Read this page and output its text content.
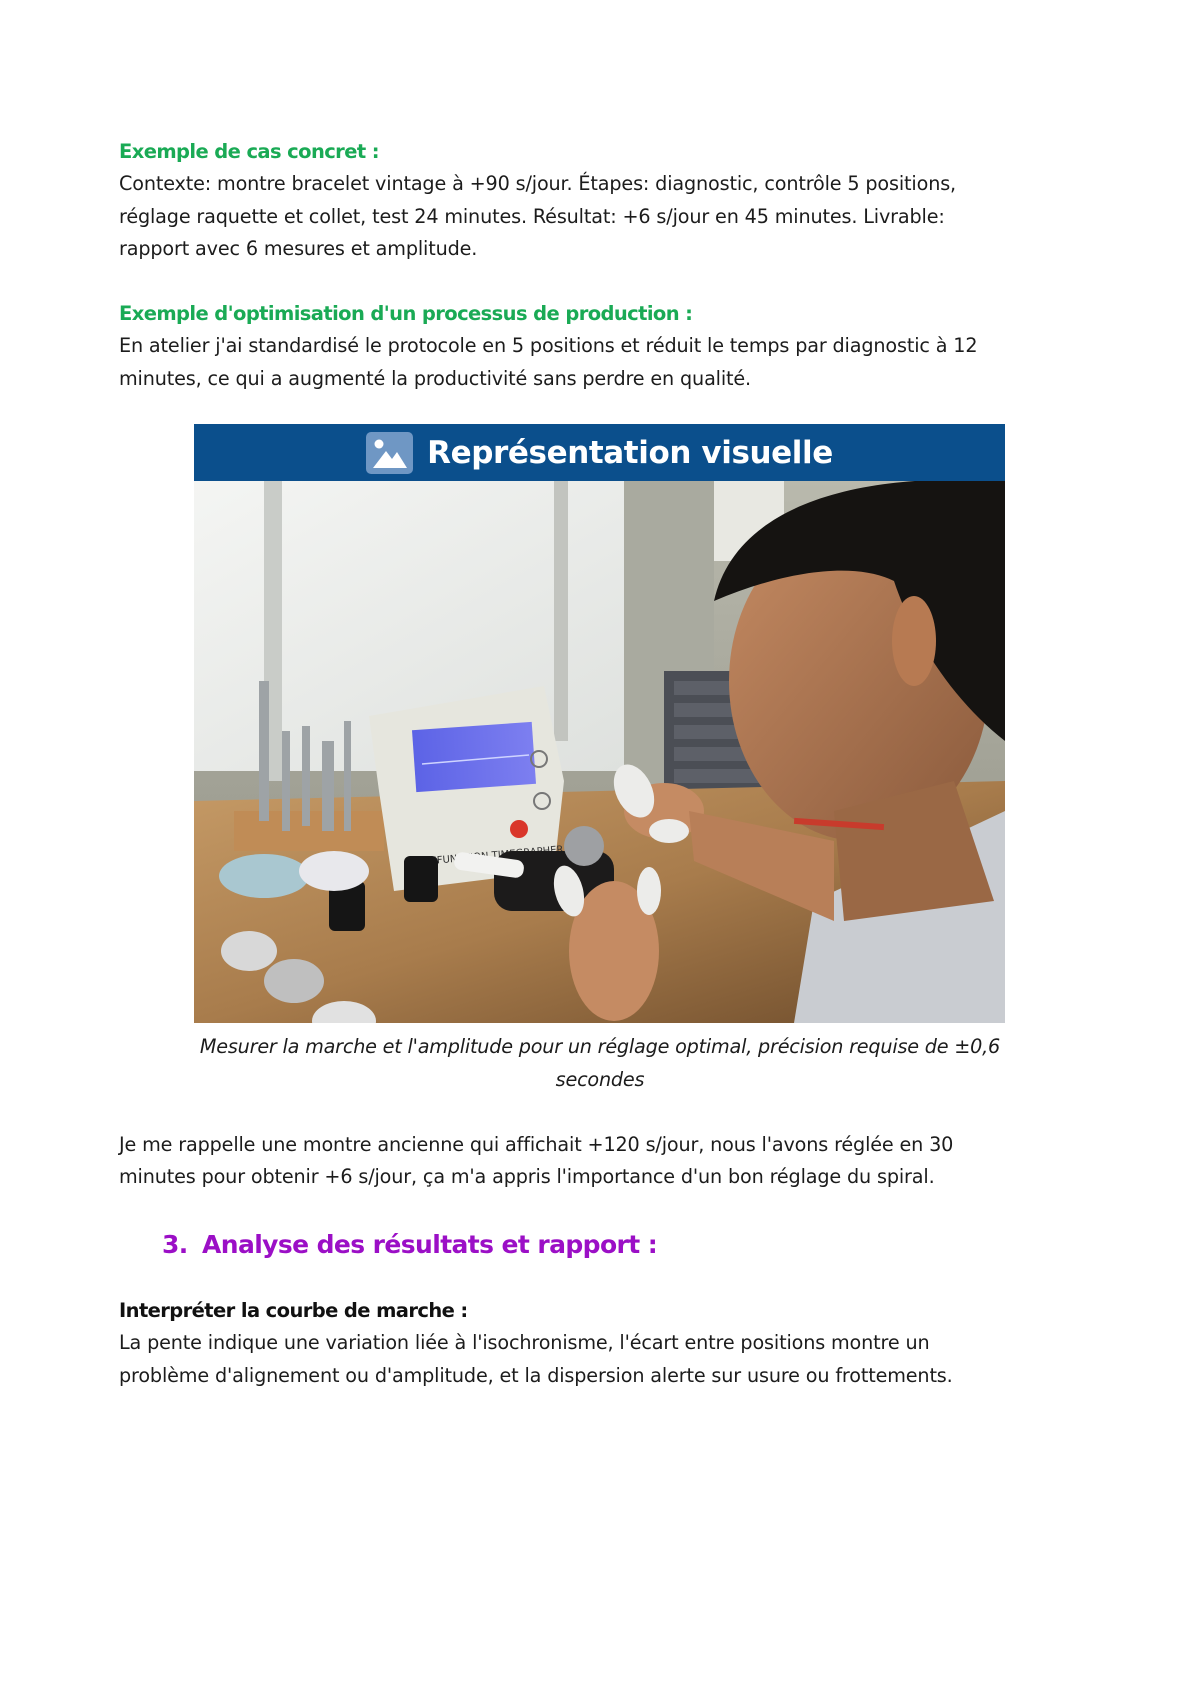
Exemple de cas concret :
Contexte: montre bracelet vintage à +90 s/jour. Étapes: diagnostic, contrôle 5 positions,
réglage raquette et collet, test 24 minutes. Résultat: +6 s/jour en 45 minutes. Livrable:
rapport avec 6 mesures et amplitude.
Exemple d'optimisation d'un processus de production :
En atelier j'ai standardisé le protocole en 5 positions et réduit le temps par diagnostic à 12
minutes, ce qui a augmenté la productivité sans perdre en qualité.
Représentation visuelle
MULTIFUNCTION
Mesurer la marche et l'amplitude pour un réglage optimal, précision requise de ±0,6
secondes
Je me rappelle une montre ancienne qui affichait +120 s/jour, nous l'avons réglée en 30
minutes pour obtenir +6 s/jour, ça m'a appris l'importance d'un bon réglage du spiral.
3. Analyse des résultats et rapport :
Interpréter la courbe de marche :
La pente indique une variation liée à l'isochronisme, l'écart entre positions montre un
problème d'alignement ou d'amplitude, et la dispersion alerte sur usure ou frottements.
